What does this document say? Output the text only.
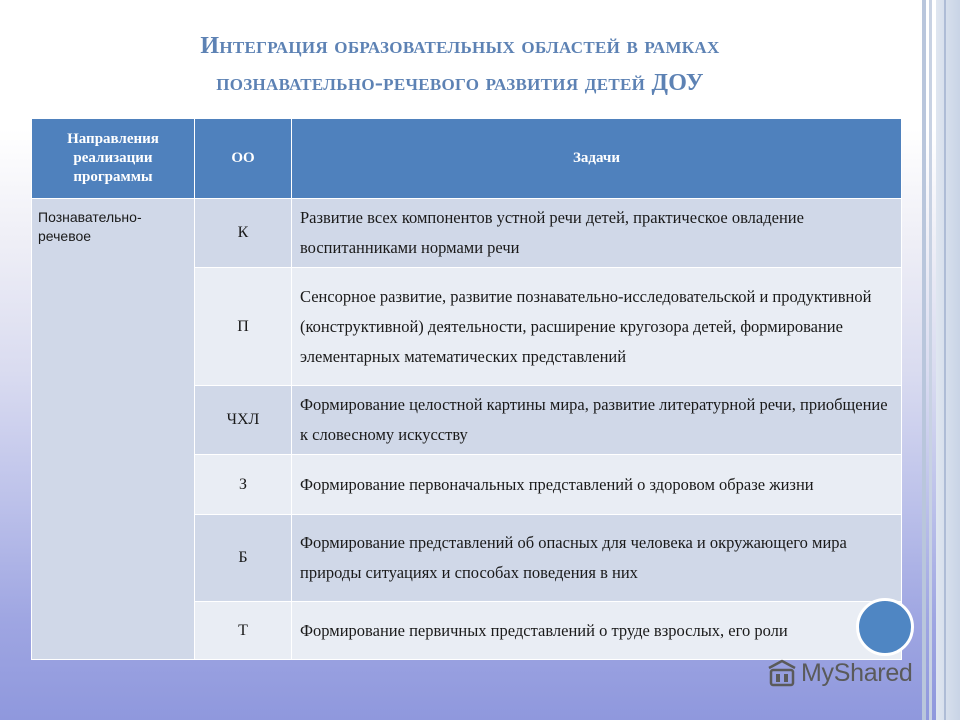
Интеграция образовательных областей в рамках
познавательно-речевого развития детей ДОУ
Направления реализации программы	ОО	Задачи
Познавательно-речевое	К	Развитие всех компонентов устной речи детей, практическое овладение воспитанниками нормами речи
	П	Сенсорное развитие, развитие познавательно-исследовательской и продуктивной (конструктивной) деятельности, расширение кругозора детей, формирование элементарных математических представлений
	ЧХЛ	Формирование целостной картины мира, развитие литературной речи, приобщение к словесному искусству
	З	Формирование первоначальных представлений о здоровом образе жизни
	Б	Формирование представлений об опасных для человека и окружающего мира природы ситуациях и способах поведения в них
	Т	Формирование первичных представлений о труде взрослых, его роли
MyShared
